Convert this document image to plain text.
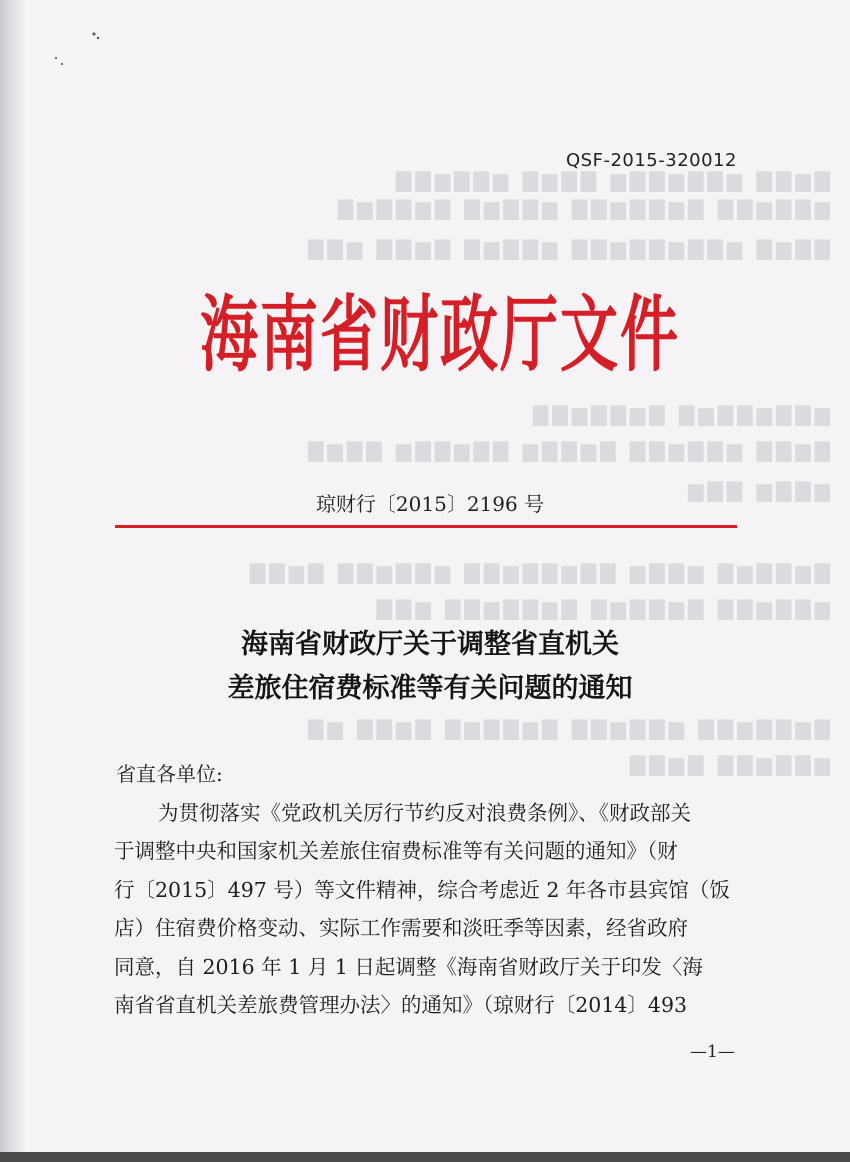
▇▆▇▇ ▆▇▇▆▇▇▆ ▇▇▆▇ ▆▇▇▆▇▇
▆▇▇▆▇▇ ▇▆▇▇▆▇▇ ▆▇▇▆▇ ▇▆▇▇▆▇
▇▇▆▇ ▆▇▇▆▇▇▆▇▇ ▆▇▇▆▇ ▇▆▇▇ ▆▇▇
▆▇▇▆▇▇▆▇ ▇▆▇▇▆▇▇
▇▆▇▇ ▆▇▇▆▇▇ ▇▆▇▇▆ ▇▇▆▇▇▆ ▇▇▆▇
▆▇▇▆ ▇▇▆
▇▆▇▇▆▇ ▆▇▇▆ ▇▇▆▇▇▆▇▇ ▆▇▇▆▇▇ ▇▆▇▇
▆▇▇▆▇▇ ▇▆▇▇▆▇ ▇▆▇▇▆▇▇ ▆▇▇
▇▆▇▇▆▇▇ ▆▇▇▆▇▇ ▇▆▇▇▆▇ ▇▆▇▇ ▆▇
▆▇▇▆▇▇ ▇▆▇▇
QSF-2015-320012
海南省财政厅文件
琼财行〔2015〕2196 号
海南省财政厅关于调整省直机关
差旅住宿费标准等有关问题的通知
省直各单位:
为贯彻落实《党政机关厉行节约反对浪费条例》、《财政部关
于调整中央和国家机关差旅住宿费标准等有关问题的通知》（财
行〔2015〕497 号）等文件精神，综合考虑近 2 年各市县宾馆（饭
店）住宿费价格变动、实际工作需要和淡旺季等因素，经省政府
同意，自 2016 年 1 月 1 日起调整《海南省财政厅关于印发〈海
南省省直机关差旅费管理办法〉的通知》（琼财行〔2014〕493
—1—
